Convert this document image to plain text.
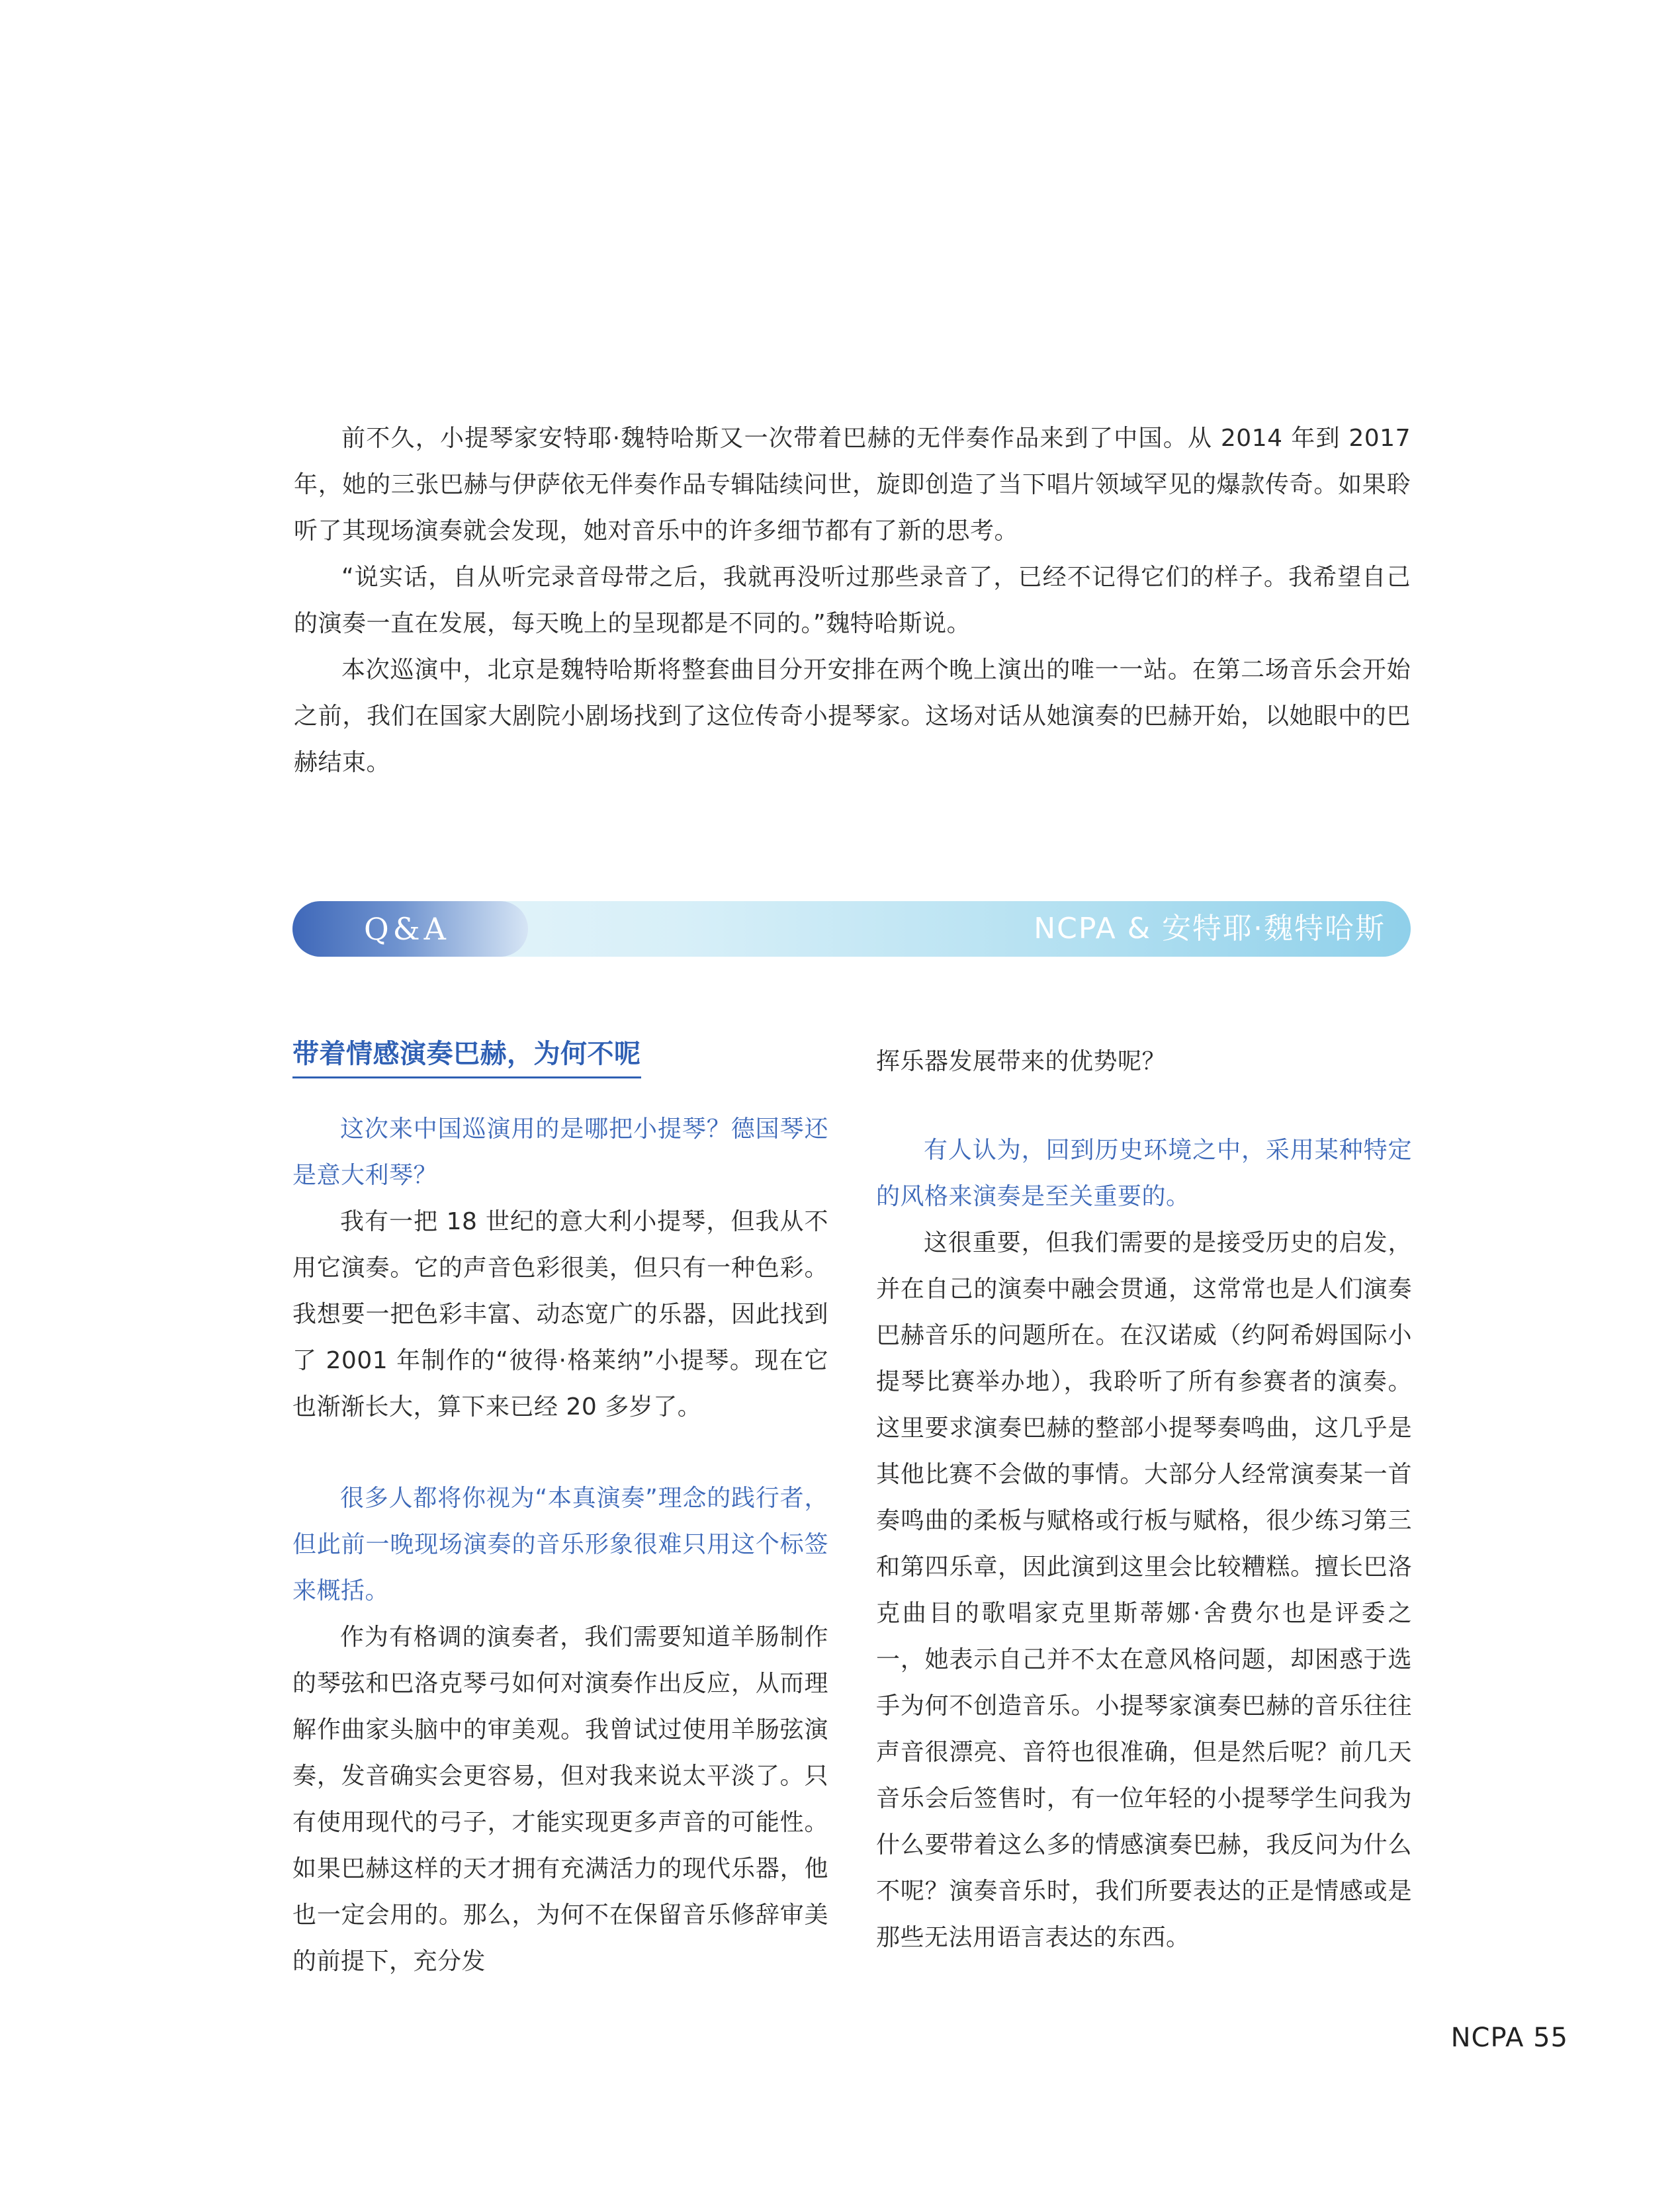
前不久，小提琴家安特耶·魏特哈斯又一次带着巴赫的无伴奏作品来到了中国。从 2014 年到 2017 年，她的三张巴赫与伊萨依无伴奏作品专辑陆续问世，旋即创造了当下唱片领域罕见的爆款传奇。如果聆听了其现场演奏就会发现，她对音乐中的许多细节都有了新的思考。

“说实话，自从听完录音母带之后，我就再没听过那些录音了，已经不记得它们的样子。我希望自己的演奏一直在发展，每天晚上的呈现都是不同的。”魏特哈斯说。

本次巡演中，北京是魏特哈斯将整套曲目分开安排在两个晚上演出的唯一一站。在第二场音乐会开始之前，我们在国家大剧院小剧场找到了这位传奇小提琴家。这场对话从她演奏的巴赫开始，以她眼中的巴赫结束。

Q&A	NCPA & 安特耶·魏特哈斯
带着情感演奏巴赫，为何不呢

这次来中国巡演用的是哪把小提琴？德国琴还是意大利琴？

我有一把 18 世纪的意大利小提琴，但我从不用它演奏。它的声音色彩很美，但只有一种色彩。我想要一把色彩丰富、动态宽广的乐器，因此找到了 2001 年制作的“彼得·格莱纳”小提琴。现在它也渐渐长大，算下来已经 20 多岁了。

很多人都将你视为“本真演奏”理念的践行者，但此前一晚现场演奏的音乐形象很难只用这个标签来概括。

作为有格调的演奏者，我们需要知道羊肠制作的琴弦和巴洛克琴弓如何对演奏作出反应，从而理解作曲家头脑中的审美观。我曾试过使用羊肠弦演奏，发音确实会更容易，但对我来说太平淡了。只有使用现代的弓子，才能实现更多声音的可能性。如果巴赫这样的天才拥有充满活力的现代乐器，他也一定会用的。那么，为何不在保留音乐修辞审美的前提下，充分发

挥乐器发展带来的优势呢？

有人认为，回到历史环境之中，采用某种特定的风格来演奏是至关重要的。

这很重要，但我们需要的是接受历史的启发，并在自己的演奏中融会贯通，这常常也是人们演奏巴赫音乐的问题所在。在汉诺威（约阿希姆国际小提琴比赛举办地），我聆听了所有参赛者的演奏。这里要求演奏巴赫的整部小提琴奏鸣曲，这几乎是其他比赛不会做的事情。大部分人经常演奏某一首奏鸣曲的柔板与赋格或行板与赋格，很少练习第三和第四乐章，因此演到这里会比较糟糕。擅长巴洛克曲目的歌唱家克里斯蒂娜·舍费尔也是评委之一，她表示自己并不太在意风格问题，却困惑于选手为何不创造音乐。小提琴家演奏巴赫的音乐往往声音很漂亮、音符也很准确，但是然后呢？前几天音乐会后签售时，有一位年轻的小提琴学生问我为什么要带着这么多的情感演奏巴赫，我反问为什么不呢？演奏音乐时，我们所要表达的正是情感或是那些无法用语言表达的东西。

NCPA 55
